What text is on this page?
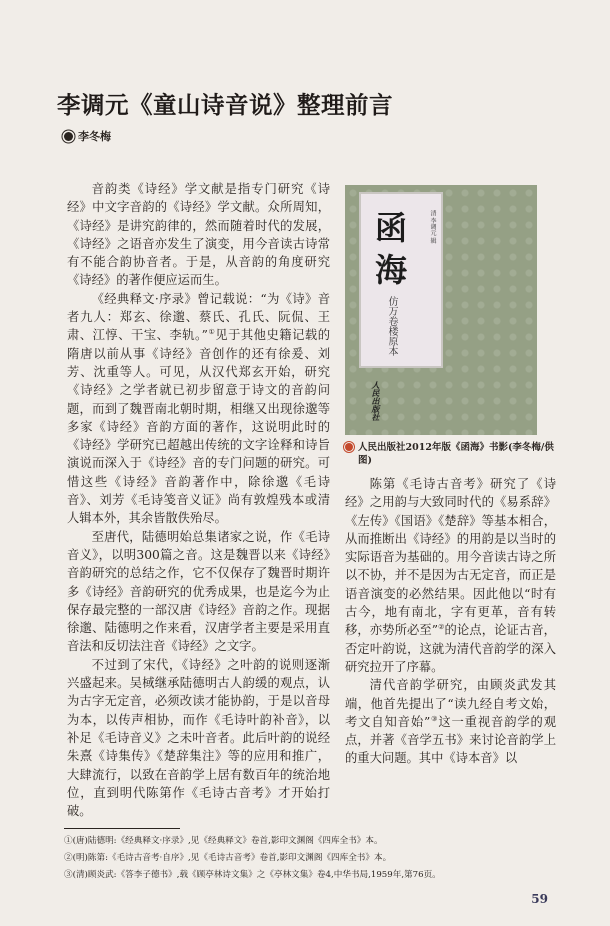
李调元《童山诗音说》整理前言
李冬梅

音韵类《诗经》学文献是指专门研究《诗经》中文字音韵的《诗经》学文献。众所周知，《诗经》是讲究韵律的，然而随着时代的发展，《诗经》之语音亦发生了演变，用今音读古诗常有不能合韵协音者。于是，从音韵的角度研究《诗经》的著作便应运而生。

《经典释文·序录》曾记载说：“为《诗》音者九人：郑玄、徐邈、蔡氏、孔氏、阮侃、王肃、江惇、干宝、李轨。”①见于其他史籍记载的隋唐以前从事《诗经》音创作的还有徐爰、刘芳、沈重等人。可见，从汉代郑玄开始，研究《诗经》之学者就已初步留意于诗文的音韵问题，而到了魏晋南北朝时期，相继又出现徐邈等多家《诗经》音韵方面的著作，这说明此时的《诗经》学研究已超越出传统的文字诠释和诗旨演说而深入于《诗经》音的专门问题的研究。可惜这些《诗经》音韵著作中，除徐邈《毛诗音》、刘芳《毛诗笺音义证》尚有敦煌残本或清人辑本外，其余皆散佚殆尽。

至唐代，陆德明始总集诸家之说，作《毛诗音义》，以明300篇之音。这是魏晋以来《诗经》音韵研究的总结之作，它不仅保存了魏晋时期许多《诗经》音韵研究的优秀成果，也是迄今为止保存最完整的一部汉唐《诗经》音韵之作。现据徐邈、陆德明之作来看，汉唐学者主要是采用直音法和反切法注音《诗经》之文字。

不过到了宋代，《诗经》之叶韵的说则逐渐兴盛起来。吴棫继承陆德明古人韵缓的观点，认为古字无定音，必须改读才能协韵，于是以音母为本，以传声相协，而作《毛诗叶韵补音》，以补足《毛诗音义》之未叶音者。此后叶韵的说经朱熹《诗集传》《楚辞集注》等的应用和推广，大肆流行，以致在音韵学上居有数百年的统治地位，直到明代陈第作《毛诗古音考》才开始打破。

函
海
仿万卷楼原本
清 李调元 辑
人民出版社
人民出版社2012年版《函海》书影(李冬梅/供图)

陈第《毛诗古音考》研究了《诗经》之用韵与大致同时代的《易系辞》《左传》《国语》《楚辞》等基本相合，从而推断出《诗经》的用韵是以当时的实际语音为基础的。用今音读古诗之所以不协，并不是因为古无定音，而正是语音演变的必然结果。因此他以“时有古今，地有南北，字有更革，音有转移，亦势所必至”②的论点，论证古音，否定叶韵说，这就为清代音韵学的深入研究拉开了序幕。

清代音韵学研究，由顾炎武发其端，他首先提出了“读九经自考文始，考文自知音始”③这一重视音韵学的观点，并著《音学五书》来讨论音韵学上的重大问题。其中《诗本音》以

①(唐)陆德明:《经典释文·序录》,见《经典释文》卷首,影印文渊阁《四库全书》本。
②(明)陈第:《毛诗古音考·自序》,见《毛诗古音考》卷首,影印文渊阁《四库全书》本。
③(清)顾炎武:《答李子德书》,载《顾亭林诗文集》之《亭林文集》卷4,中华书局,1959年,第76页。
59
